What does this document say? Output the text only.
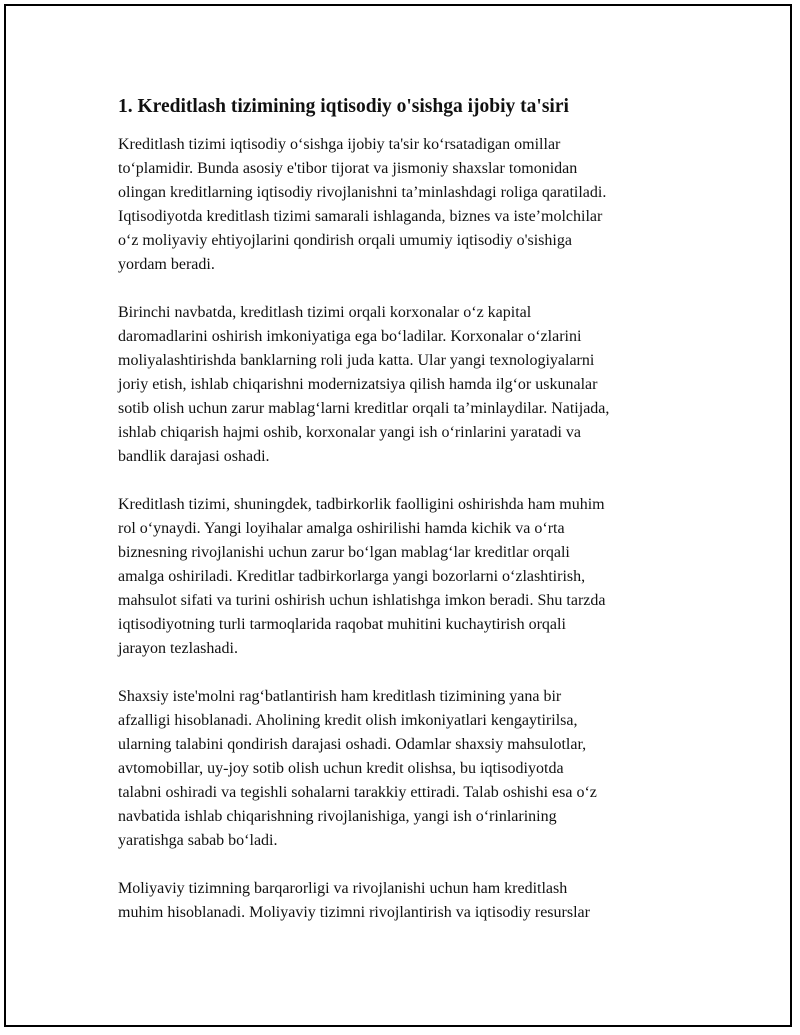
1. Kreditlash tizimining iqtisodiy o'sishga ijobiy ta'siri

Kreditlash tizimi iqtisodiy o‘sishga ijobiy ta'sir ko‘rsatadigan omillar
to‘plamidir. Bunda asosiy e'tibor tijorat va jismoniy shaxslar tomonidan
olingan kreditlarning iqtisodiy rivojlanishni ta’minlashdagi roliga qaratiladi.
Iqtisodiyotda kreditlash tizimi samarali ishlaganda, biznes va iste’molchilar
o‘z moliyaviy ehtiyojlarini qondirish orqali umumiy iqtisodiy o'sishiga
yordam beradi.

Birinchi navbatda, kreditlash tizimi orqali korxonalar o‘z kapital
daromadlarini oshirish imkoniyatiga ega bo‘ladilar. Korxonalar o‘zlarini
moliyalashtirishda banklarning roli juda katta. Ular yangi texnologiyalarni
joriy etish, ishlab chiqarishni modernizatsiya qilish hamda ilg‘or uskunalar
sotib olish uchun zarur mablag‘larni kreditlar orqali ta’minlaydilar. Natijada,
ishlab chiqarish hajmi oshib, korxonalar yangi ish o‘rinlarini yaratadi va
bandlik darajasi oshadi.

Kreditlash tizimi, shuningdek, tadbirkorlik faolligini oshirishda ham muhim
rol o‘ynaydi. Yangi loyihalar amalga oshirilishi hamda kichik va o‘rta
biznesning rivojlanishi uchun zarur bo‘lgan mablag‘lar kreditlar orqali
amalga oshiriladi. Kreditlar tadbirkorlarga yangi bozorlarni o‘zlashtirish,
mahsulot sifati va turini oshirish uchun ishlatishga imkon beradi. Shu tarzda
iqtisodiyotning turli tarmoqlarida raqobat muhitini kuchaytirish orqali
jarayon tezlashadi.

Shaxsiy iste'molni rag‘batlantirish ham kreditlash tizimining yana bir
afzalligi hisoblanadi. Aholining kredit olish imkoniyatlari kengaytirilsa,
ularning talabini qondirish darajasi oshadi. Odamlar shaxsiy mahsulotlar,
avtomobillar, uy-joy sotib olish uchun kredit olishsa, bu iqtisodiyotda
talabni oshiradi va tegishli sohalarni tarakkiy ettiradi. Talab oshishi esa o‘z
navbatida ishlab chiqarishning rivojlanishiga, yangi ish o‘rinlarining
yaratishga sabab bo‘ladi.

Moliyaviy tizimning barqarorligi va rivojlanishi uchun ham kreditlash
muhim hisoblanadi. Moliyaviy tizimni rivojlantirish va iqtisodiy resurslar
